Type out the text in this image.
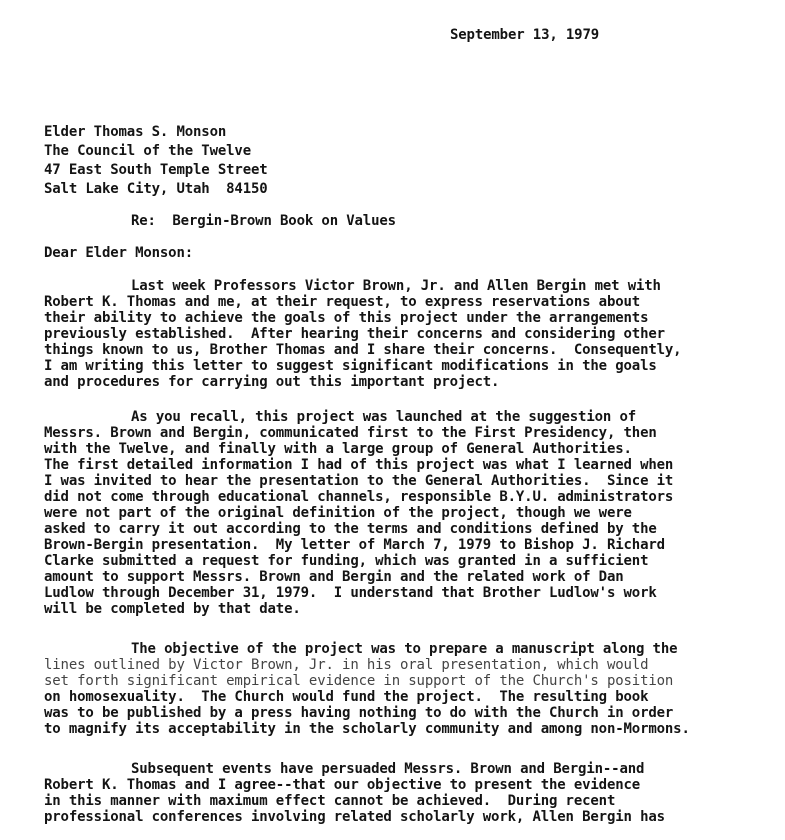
September 13, 1979
Elder Thomas S. Monson
The Council of the Twelve
47 East South Temple Street
Salt Lake City, Utah  84150
Re:  Bergin-Brown Book on Values
Dear Elder Monson:
Last week Professors Victor Brown, Jr. and Allen Bergin met with
Robert K. Thomas and me, at their request, to express reservations about
their ability to achieve the goals of this project under the arrangements
previously established.  After hearing their concerns and considering other
things known to us, Brother Thomas and I share their concerns.  Consequently,
I am writing this letter to suggest significant modifications in the goals
and procedures for carrying out this important project.
As you recall, this project was launched at the suggestion of
Messrs. Brown and Bergin, communicated first to the First Presidency, then
with the Twelve, and finally with a large group of General Authorities.
The first detailed information I had of this project was what I learned when
I was invited to hear the presentation to the General Authorities.  Since it
did not come through educational channels, responsible B.Y.U. administrators
were not part of the original definition of the project, though we were
asked to carry it out according to the terms and conditions defined by the
Brown-Bergin presentation.  My letter of March 7, 1979 to Bishop J. Richard
Clarke submitted a request for funding, which was granted in a sufficient
amount to support Messrs. Brown and Bergin and the related work of Dan
Ludlow through December 31, 1979.  I understand that Brother Ludlow's work
will be completed by that date.
The objective of the project was to prepare a manuscript along the
lines outlined by Victor Brown, Jr. in his oral presentation, which would
set forth significant empirical evidence in support of the Church's position
on homosexuality.  The Church would fund the project.  The resulting book
was to be published by a press having nothing to do with the Church in order
to magnify its acceptability in the scholarly community and among non-Mormons.
Subsequent events have persuaded Messrs. Brown and Bergin--and
Robert K. Thomas and I agree--that our objective to present the evidence
in this manner with maximum effect cannot be achieved.  During recent
professional conferences involving related scholarly work, Allen Bergin has
